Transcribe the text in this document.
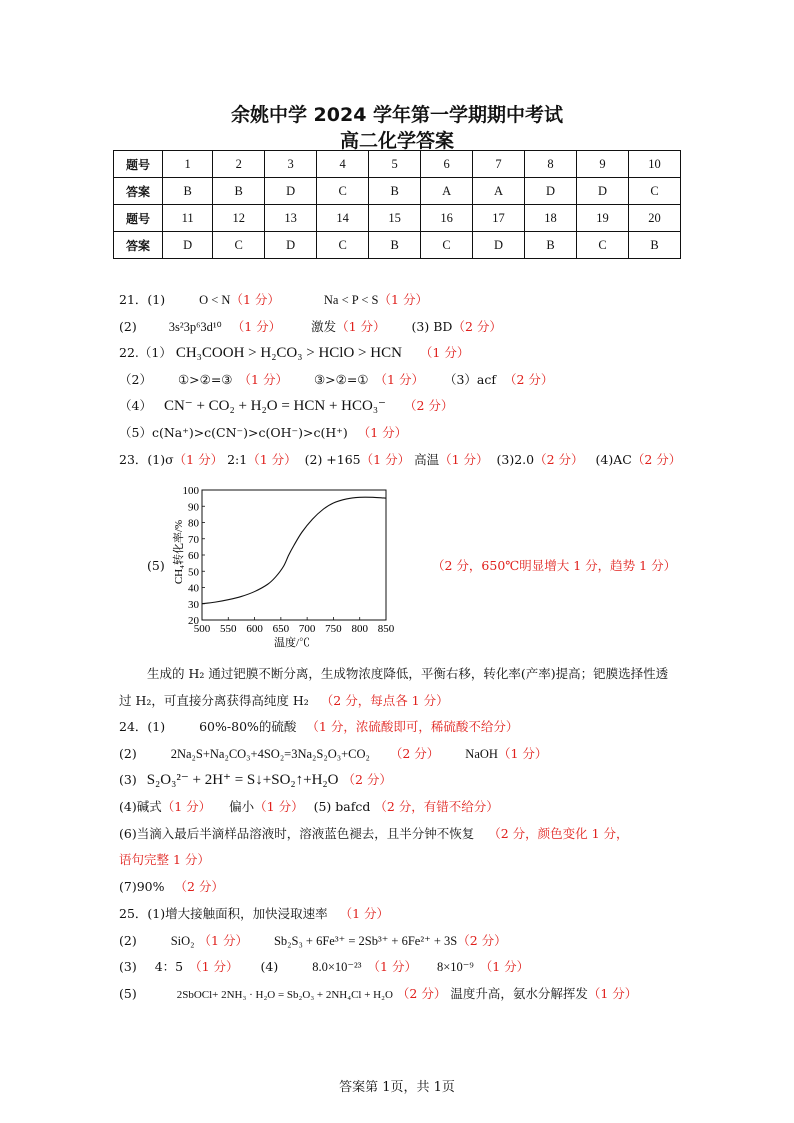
余姚中学 2024 学年第一学期期中考试
高二化学答案
题号	1	2	3	4	5	6	7	8	9	10
答案	B	B	D	C	B	A	A	D	D	C
题号	11	12	13	14	15	16	17	18	19	20
答案	D	C	D	C	B	C	D	B	C	B
21．(1)	O < N（1 分）	Na < P < S（1 分）
(2)	3s²3p⁶3d¹⁰ （1 分） 激发（1 分） (3) BD（2 分）
22.（1） CH₃COOH > H₂CO₃ > HClO > HCN （1 分）
（2） ①>②=③ （1 分） ③>②=① （1 分） （3）acf （2 分）
（4） CN⁻ + CO₂ + H₂O = HCN + HCO₃⁻ （2 分）
（5）c(Na⁺)>c(CN⁻)>c(OH⁻)>c(H⁺) （1 分）
23．(1)σ（1 分） 2:1（1 分） (2) +165（1 分） 高温（1 分） (3)2.0（2 分） (4)AC（2 分）
(5)	（2 分，650℃明显增大 1 分，趋势 1 分）
500 550 600 650 700 750 800 850
20
30
40
50
60
70
80
90
100
CH₄转化率/%
温度/℃
生成的 H₂ 通过钯膜不断分离，生成物浓度降低，平衡右移，转化率(产率)提高；钯膜选择性透过 H₂，可直接分离获得高纯度 H₂ （2 分，每点各 1 分）
24．(1)	60%-80%的硫酸 （1 分，浓硫酸即可，稀硫酸不给分）
(2)	2Na₂S+Na₂CO₃+4SO₂=3Na₂S₂O₃+CO₂ （2 分） NaOH（1 分）
(3) S₂O₃²⁻ + 2H⁺ = S↓+SO₂↑+H₂O （2 分）
(4)碱式（1 分） 偏小（1 分） (5) bafcd （2 分，有错不给分）
(6)当滴入最后半滴样品溶液时，溶液蓝色褪去，且半分钟不恢复 （2 分，颜色变化 1 分，
语句完整 1 分）
(7)90% （2 分）
25．(1)增大接触面积，加快浸取速率 （1 分）
(2)	SiO₂ （1 分） Sb₂S₃ + 6Fe³⁺ = 2Sb³⁺ + 6Fe²⁺ + 3S（2 分）
(3) 4：5 （1 分） (4)	8.0×10⁻²³ （1 分） 8×10⁻⁹ （1 分）
(5)	2SbOCl+ 2NH₃ · H₂O = Sb₂O₃ + 2NH₄Cl + H₂O （2 分） 温度升高，氨水分解挥发（1 分）
答案第 1页，共 1页
